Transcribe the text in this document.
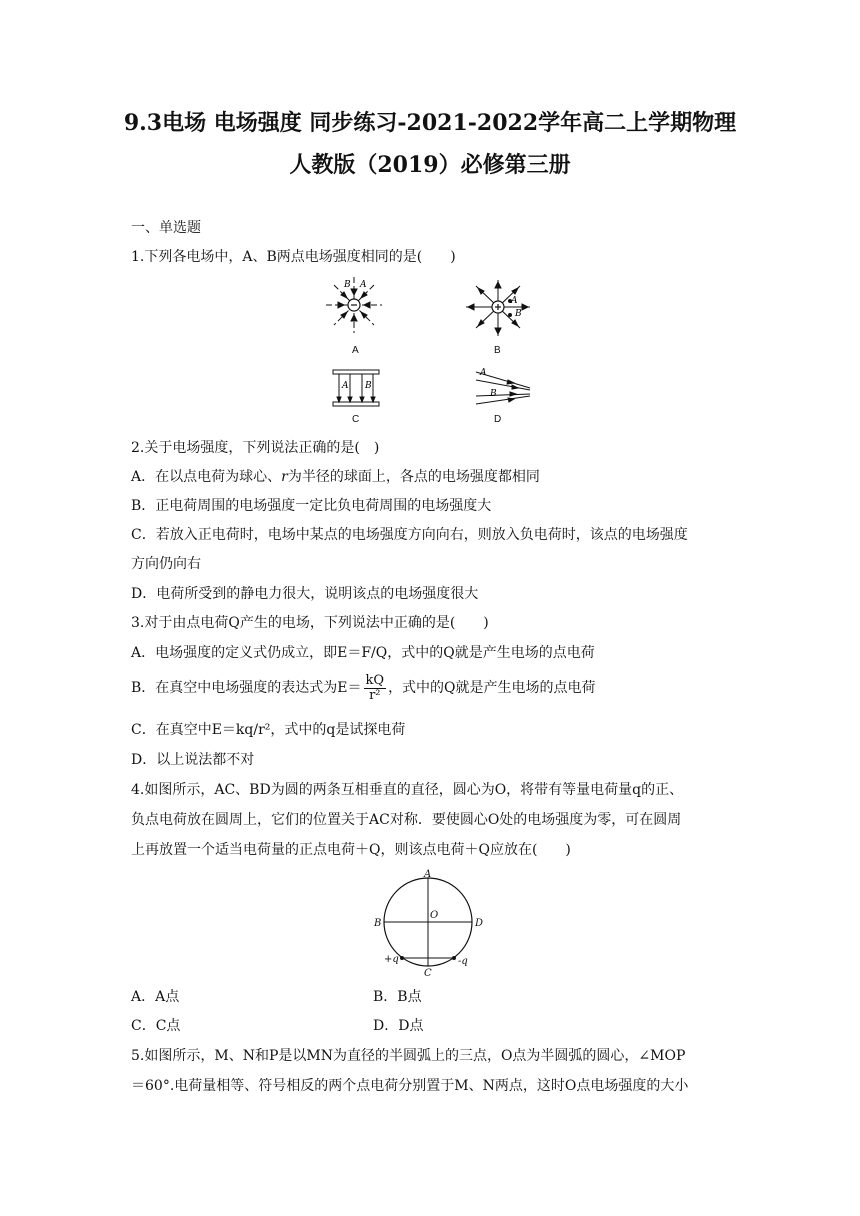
9.3电场 电场强度 同步练习-2021-2022学年高二上学期物理
人教版（2019）必修第三册
一、单选题
1.下列各电场中，A、B两点电场强度相同的是(　　)
B A
A
A
B
B
A B
C
A
B
D
2.关于电场强度，下列说法正确的是(　)
A．在以点电荷为球心、r为半径的球面上，各点的电场强度都相同
B．正电荷周围的电场强度一定比负电荷周围的电场强度大
C．若放入正电荷时，电场中某点的电场强度方向向右，则放入负电荷时，该点的电场强度
方向仍向右
D．电荷所受到的静电力很大，说明该点的电场强度很大
3.对于由点电荷Q产生的电场，下列说法中正确的是(　　)
A．电场强度的定义式仍成立，即E＝F/Q，式中的Q就是产生电场的点电荷
B．在真空中电场强度的表达式为$E= \frac{kQ}{\text{r²}}$ ，式中的Q就是产生电场的点电荷
C．在真空中E＝kq/r²，式中的q是试探电荷
D．以上说法都不对
4.如图所示，AC、BD为圆的两条互相垂直的直径，圆心为O，将带有等量电荷量q的正、
负点电荷放在圆周上，它们的位置关于AC对称．要使圆心O处的电场强度为零，可在圆周
上再放置一个适当电荷量的正点电荷＋Q，则该点电荷＋Q应放在(　　)
A
B	D
C
O
+q	-q
A．A点	B．B点
C．C点	D．D点
5.如图所示，M、N和P是以MN为直径的半圆弧上的三点，O点为半圆弧的圆心，∠MOP
＝60°.电荷量相等、符号相反的两个点电荷分别置于M、N两点，这时O点电场强度的大小
